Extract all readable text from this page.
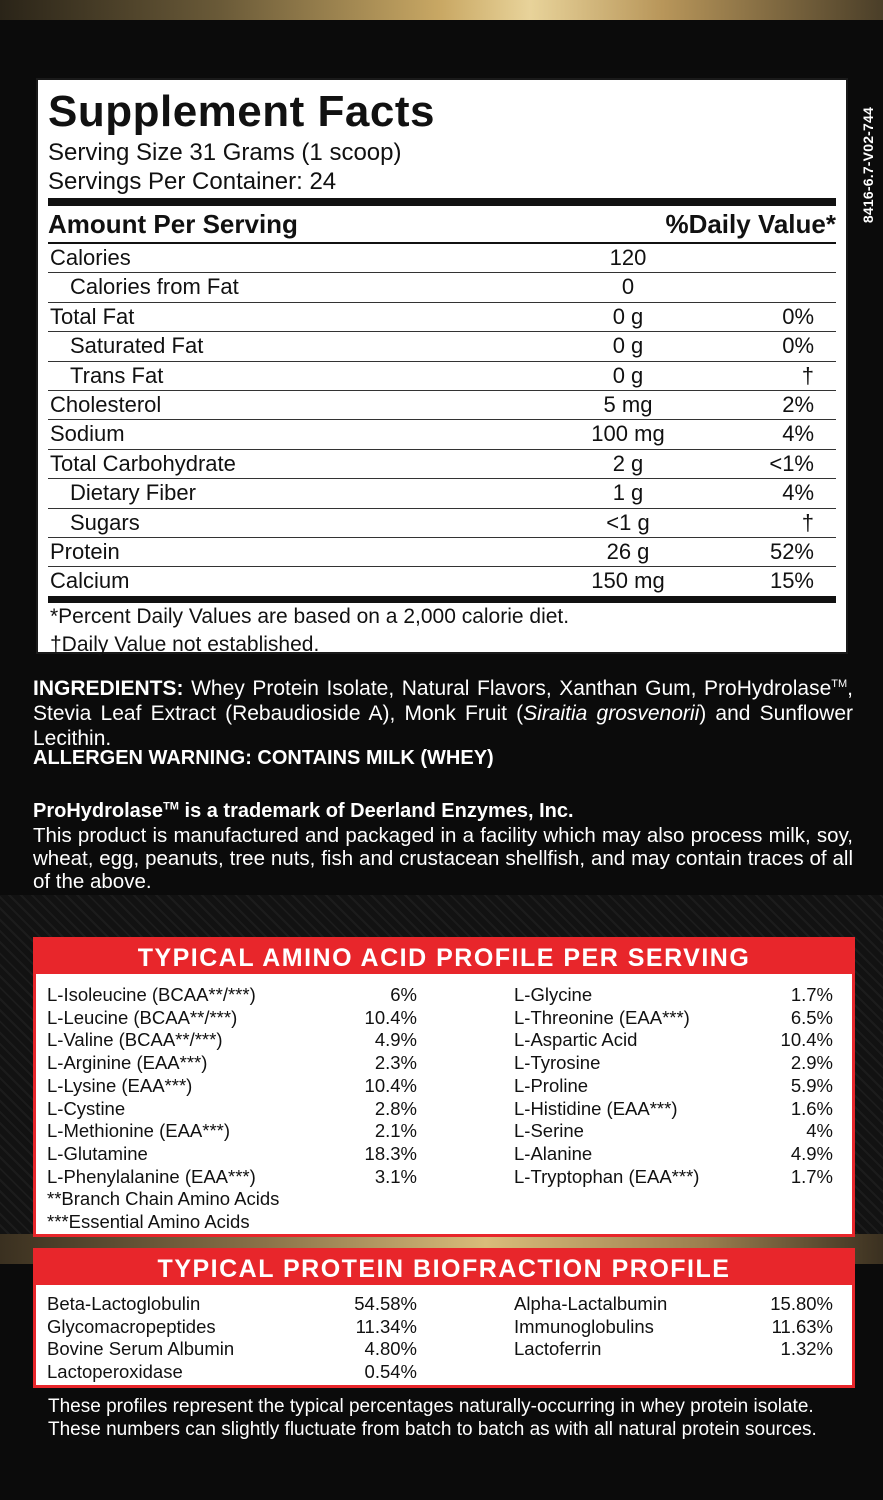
8416-6.7-V02-744
Supplement Facts
Serving Size 31 Grams (1 scoop)
Servings Per Container: 24
Amount Per Serving	%Daily Value*
Calories	120
Calories from Fat	0
Total Fat	0 g	0%
Saturated Fat	0 g	0%
Trans Fat	0 g	†
Cholesterol	5 mg	2%
Sodium	100 mg	4%
Total Carbohydrate	2 g	<1%
Dietary Fiber	1 g	4%
Sugars	<1 g	†
Protein	26 g	52%
Calcium	150 mg	15%
*Percent Daily Values are based on a 2,000 calorie diet.
†Daily Value not established.
INGREDIENTS: Whey Protein Isolate, Natural Flavors, Xanthan Gum, ProHydrolase™, Stevia Leaf Extract (Rebaudioside A), Monk Fruit (Siraitia grosvenorii) and Sunflower Lecithin.
ALLERGEN WARNING: CONTAINS MILK (WHEY)
ProHydrolase™ is a trademark of Deerland Enzymes, Inc.
This product is manufactured and packaged in a facility which may also process milk, soy, wheat, egg, peanuts, tree nuts, fish and crustacean shellfish, and may contain traces of all of the above.
TYPICAL AMINO ACID PROFILE PER SERVING
L-Isoleucine (BCAA**/***)	6%
L-Leucine (BCAA**/***)	10.4%
L-Valine (BCAA**/***)	4.9%
L-Arginine (EAA***)	2.3%
L-Lysine (EAA***)	10.4%
L-Cystine	2.8%
L-Methionine (EAA***)	2.1%
L-Glutamine	18.3%
L-Phenylalanine (EAA***)	3.1%
L-Glycine	1.7%
L-Threonine (EAA***)	6.5%
L-Aspartic Acid	10.4%
L-Tyrosine	2.9%
L-Proline	5.9%
L-Histidine (EAA***)	1.6%
L-Serine	4%
L-Alanine	4.9%
L-Tryptophan (EAA***)	1.7%
**Branch Chain Amino Acids
***Essential Amino Acids
TYPICAL PROTEIN BIOFRACTION PROFILE
Beta-Lactoglobulin	54.58%
Glycomacropeptides	11.34%
Bovine Serum Albumin	4.80%
Lactoperoxidase	0.54%
Alpha-Lactalbumin	15.80%
Immunoglobulins	11.63%
Lactoferrin	1.32%
These profiles represent the typical percentages naturally-occurring in whey protein isolate.
These numbers can slightly fluctuate from batch to batch as with all natural protein sources.
